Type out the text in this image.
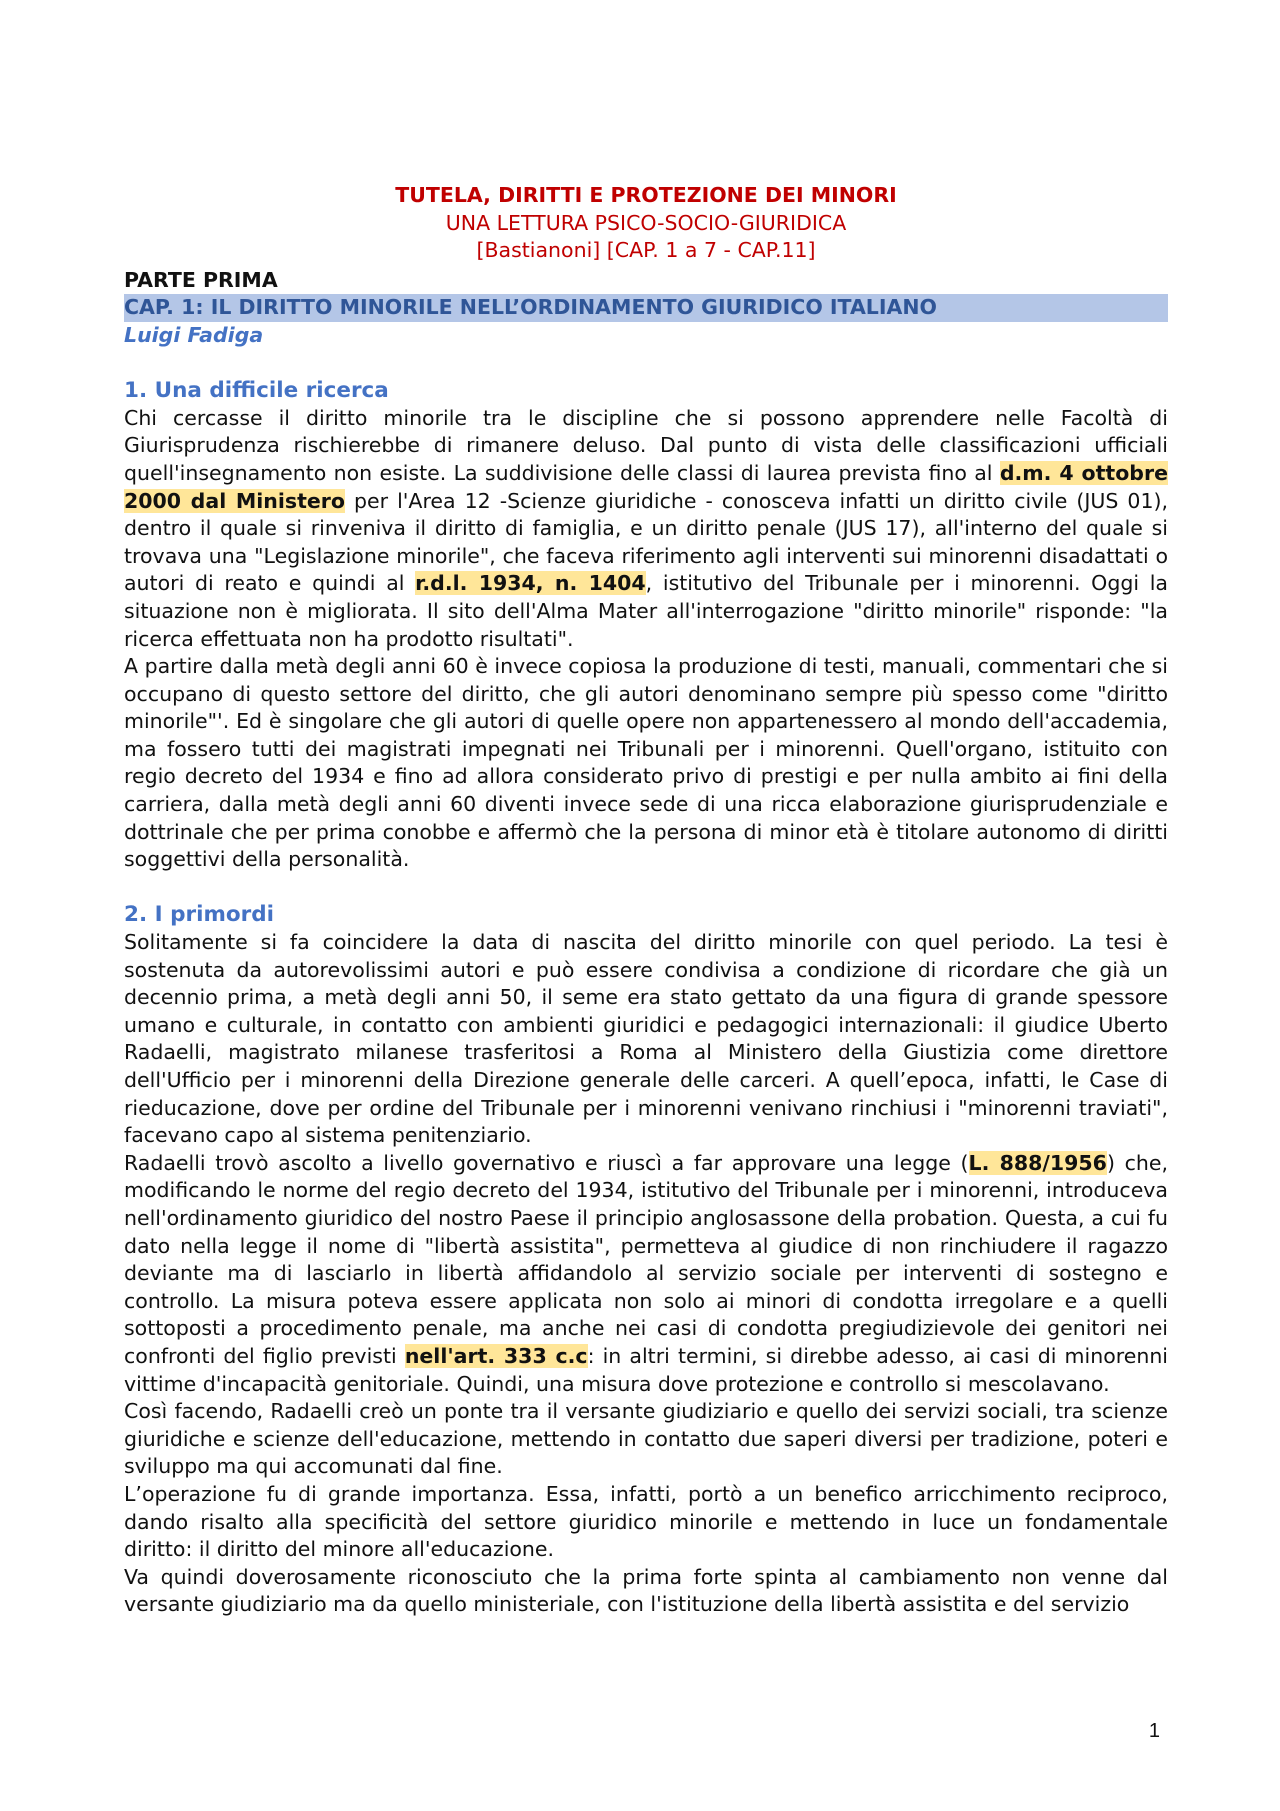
TUTELA, DIRITTI E PROTEZIONE DEI MINORI
UNA LETTURA PSICO-SOCIO-GIURIDICA
[Bastianoni] [CAP. 1 a 7 - CAP.11]
PARTE PRIMA
CAP. 1: IL DIRITTO MINORILE NELL’ORDINAMENTO GIURIDICO ITALIANO
Luigi Fadiga
1. Una difficile ricerca

Chi cercasse il diritto minorile tra le discipline che si possono apprendere nelle Facoltà di Giurisprudenza rischierebbe di rimanere deluso. Dal punto di vista delle classificazioni ufficiali quell'insegnamento non esiste. La suddivisione delle classi di laurea prevista fino al d.m. 4 ottobre 2000 dal Ministero per l'Area 12 -Scienze giuridiche - conosceva infatti un diritto civile (JUS 01), dentro il quale si rinveniva il diritto di famiglia, e un diritto penale (JUS 17), all'interno del quale si trovava una "Legislazione minorile", che faceva riferimento agli interventi sui minorenni disadattati o autori di reato e quindi al r.d.l. 1934, n. 1404, istitutivo del Tribunale per i minorenni. Oggi la situazione non è migliorata. Il sito dell'Alma Mater all'interrogazione "diritto minorile" risponde: "la ricerca effettuata non ha prodotto risultati".

A partire dalla metà degli anni 60 è invece copiosa la produzione di testi, manuali, commentari che si occupano di questo settore del diritto, che gli autori denominano sempre più spesso come "diritto minorile"'. Ed è singolare che gli autori di quelle opere non appartenessero al mondo dell'accademia, ma fossero tutti dei magistrati impegnati nei Tribunali per i minorenni. Quell'organo, istituito con regio decreto del 1934 e fino ad allora considerato privo di prestigi e per nulla ambito ai fini della carriera, dalla metà degli anni 60 diventi invece sede di una ricca elaborazione giurisprudenziale e dottrinale che per prima conobbe e affermò che la persona di minor età è titolare autonomo di diritti soggettivi della personalità.

2. I primordi

Solitamente si fa coincidere la data di nascita del diritto minorile con quel periodo. La tesi è sostenuta da autorevolissimi autori e può essere condivisa a condizione di ricordare che già un decennio prima, a metà degli anni 50, il seme era stato gettato da una figura di grande spessore umano e culturale, in contatto con ambienti giuridici e pedagogici internazionali: il giudice Uberto Radaelli, magistrato milanese trasferitosi a Roma al Ministero della Giustizia come direttore dell'Ufficio per i minorenni della Direzione generale delle carceri. A quell’epoca, infatti, le Case di rieducazione, dove per ordine del Tribunale per i minorenni venivano rinchiusi i "minorenni traviati", facevano capo al sistema penitenziario.

Radaelli trovò ascolto a livello governativo e riuscì a far approvare una legge (L. 888/1956) che, modificando le norme del regio decreto del 1934, istitutivo del Tribunale per i minorenni, introduceva nell'ordinamento giuridico del nostro Paese il principio anglosassone della probation. Questa, a cui fu dato nella legge il nome di "libertà assistita", permetteva al giudice di non rinchiudere il ragazzo deviante ma di lasciarlo in libertà affidandolo al servizio sociale per interventi di sostegno e controllo. La misura poteva essere applicata non solo ai minori di condotta irregolare e a quelli sottoposti a procedimento penale, ma anche nei casi di condotta pregiudizievole dei genitori nei confronti del figlio previsti nell'art. 333 c.c: in altri termini, si direbbe adesso, ai casi di minorenni vittime d'incapacità genitoriale. Quindi, una misura dove protezione e controllo si mescolavano.

Così facendo, Radaelli creò un ponte tra il versante giudiziario e quello dei servizi sociali, tra scienze giuridiche e scienze dell'educazione, mettendo in contatto due saperi diversi per tradizione, poteri e sviluppo ma qui accomunati dal fine.

L’operazione fu di grande importanza. Essa, infatti, portò a un benefico arricchimento reciproco, dando risalto alla specificità del settore giuridico minorile e mettendo in luce un fondamentale diritto: il diritto del minore all'educazione.

Va quindi doverosamente riconosciuto che la prima forte spinta al cambiamento non venne dal versante giudiziario ma da quello ministeriale, con l'istituzione della libertà assistita e del servizio

1
